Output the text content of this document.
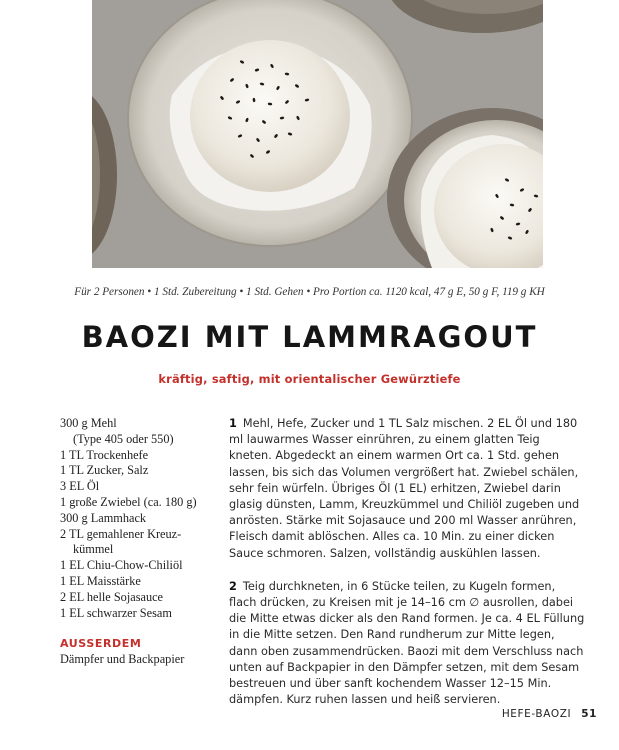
Für 2 Personen • 1 Std. Zubereitung • 1 Std. Gehen • Pro Portion ca. 1120 kcal, 47 g E, 50 g F, 119 g KH
BAOZI MIT LAMMRAGOUT
kräftig, saftig, mit orientalischer Gewürztiefe
300 g Mehl
(Type 405 oder 550)
1 TL Trockenhefe
1 TL Zucker, Salz
3 EL Öl
1 große Zwiebel (ca. 180 g)
300 g Lammhack
2 TL gemahlener Kreuz-
kümmel
1 EL Chiu-Chow-Chiliöl
1 EL Maisstärke
2 EL helle Sojasauce
1 EL schwarzer Sesam
AUSSERDEM
Dämpfer und Backpapier

1 Mehl, Hefe, Zucker und 1 TL Salz mischen. 2 EL Öl und 180 ml lauwarmes Wasser einrühren, zu einem glatten Teig kneten. Abgedeckt an einem warmen Ort ca. 1 Std. gehen lassen, bis sich das Volumen vergrößert hat. Zwiebel schälen, sehr fein würfeln. Übriges Öl (1 EL) erhitzen, Zwiebel darin glasig dünsten, Lamm, Kreuzkümmel und Chiliöl zugeben und anrösten. Stärke mit Sojasauce und 200 ml Wasser anrühren, Fleisch damit ablöschen. Alles ca. 10 Min. zu einer dicken Sauce schmoren. Salzen, vollständig auskühlen lassen.

2 Teig durchkneten, in 6 Stücke teilen, zu Kugeln formen, flach drücken, zu Kreisen mit je 14–16 cm ∅ ausrollen, dabei die Mitte etwas dicker als den Rand formen. Je ca. 4 EL Füllung in die Mitte setzen. Den Rand rundherum zur Mitte legen, dann oben zusammendrücken. Baozi mit dem Verschluss nach unten auf Backpapier in den Dämpfer setzen, mit dem Sesam bestreuen und über sanft kochendem Wasser 12–15 Min. dämpfen. Kurz ruhen lassen und heiß servieren.

HEFE-BAOZI 51
